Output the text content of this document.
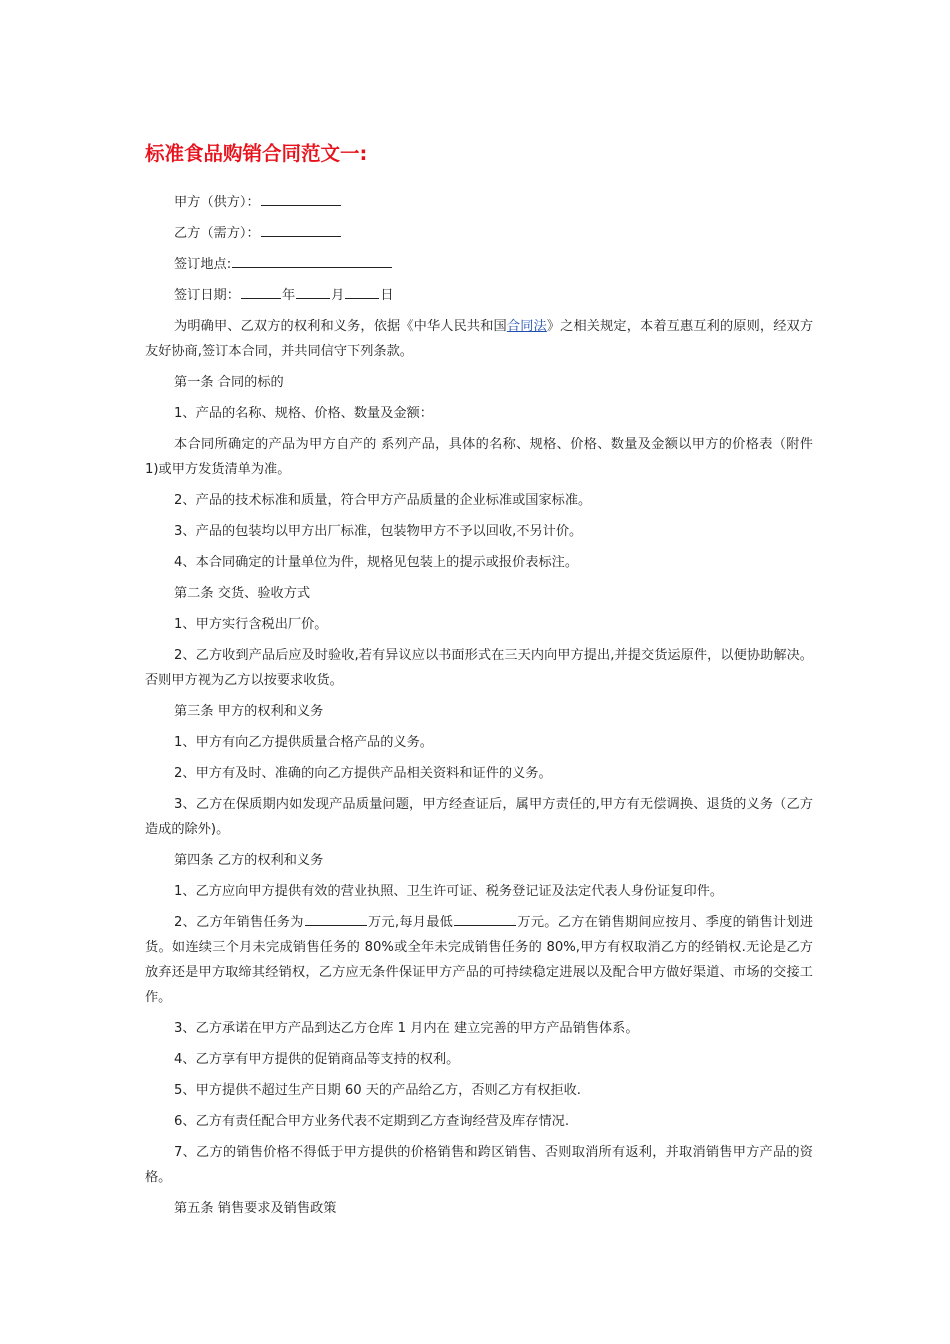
标准食品购销合同范文一:
甲方（供方）：
乙方（需方）：
签订地点:
签订日期：	年	月	日
为明确甲、乙双方的权利和义务，依据《中华人民共和国合同法》之相关规定，本着互惠互利的原则，经双方友好协商,签订本合同，并共同信守下列条款。
第一条 合同的标的
1、产品的名称、规格、价格、数量及金额：
本合同所确定的产品为甲方自产的 系列产品，具体的名称、规格、价格、数量及金额以甲方的价格表（附件 1)或甲方发货清单为准。
2、产品的技术标准和质量，符合甲方产品质量的企业标准或国家标准。
3、产品的包装均以甲方出厂标准，包装物甲方不予以回收,不另计价。
4、本合同确定的计量单位为件，规格见包装上的提示或报价表标注。
第二条 交货、验收方式
1、甲方实行含税出厂价。
2、乙方收到产品后应及时验收,若有异议应以书面形式在三天内向甲方提出,并提交货运原件，以便协助解决。否则甲方视为乙方以按要求收货。
第三条 甲方的权利和义务
1、甲方有向乙方提供质量合格产品的义务。
2、甲方有及时、准确的向乙方提供产品相关资料和证件的义务。
3、乙方在保质期内如发现产品质量问题，甲方经查证后，属甲方责任的,甲方有无偿调换、退货的义务（乙方造成的除外)。
第四条 乙方的权利和义务
1、乙方应向甲方提供有效的营业执照、卫生许可证、税务登记证及法定代表人身份证复印件。
2、乙方年销售任务为	万元,每月最低	万元。乙方在销售期间应按月、季度的销售计划进货。如连续三个月未完成销售任务的 80%或全年未完成销售任务的 80%,甲方有权取消乙方的经销权.无论是乙方放弃还是甲方取缔其经销权，乙方应无条件保证甲方产品的可持续稳定进展以及配合甲方做好渠道、市场的交接工作。
3、乙方承诺在甲方产品到达乙方仓库 1 月内在 建立完善的甲方产品销售体系。
4、乙方享有甲方提供的促销商品等支持的权利。
5、甲方提供不超过生产日期 60 天的产品给乙方，否则乙方有权拒收.
6、乙方有责任配合甲方业务代表不定期到乙方查询经营及库存情况.
7、乙方的销售价格不得低于甲方提供的价格销售和跨区销售、否则取消所有返利，并取消销售甲方产品的资格。
第五条 销售要求及销售政策
